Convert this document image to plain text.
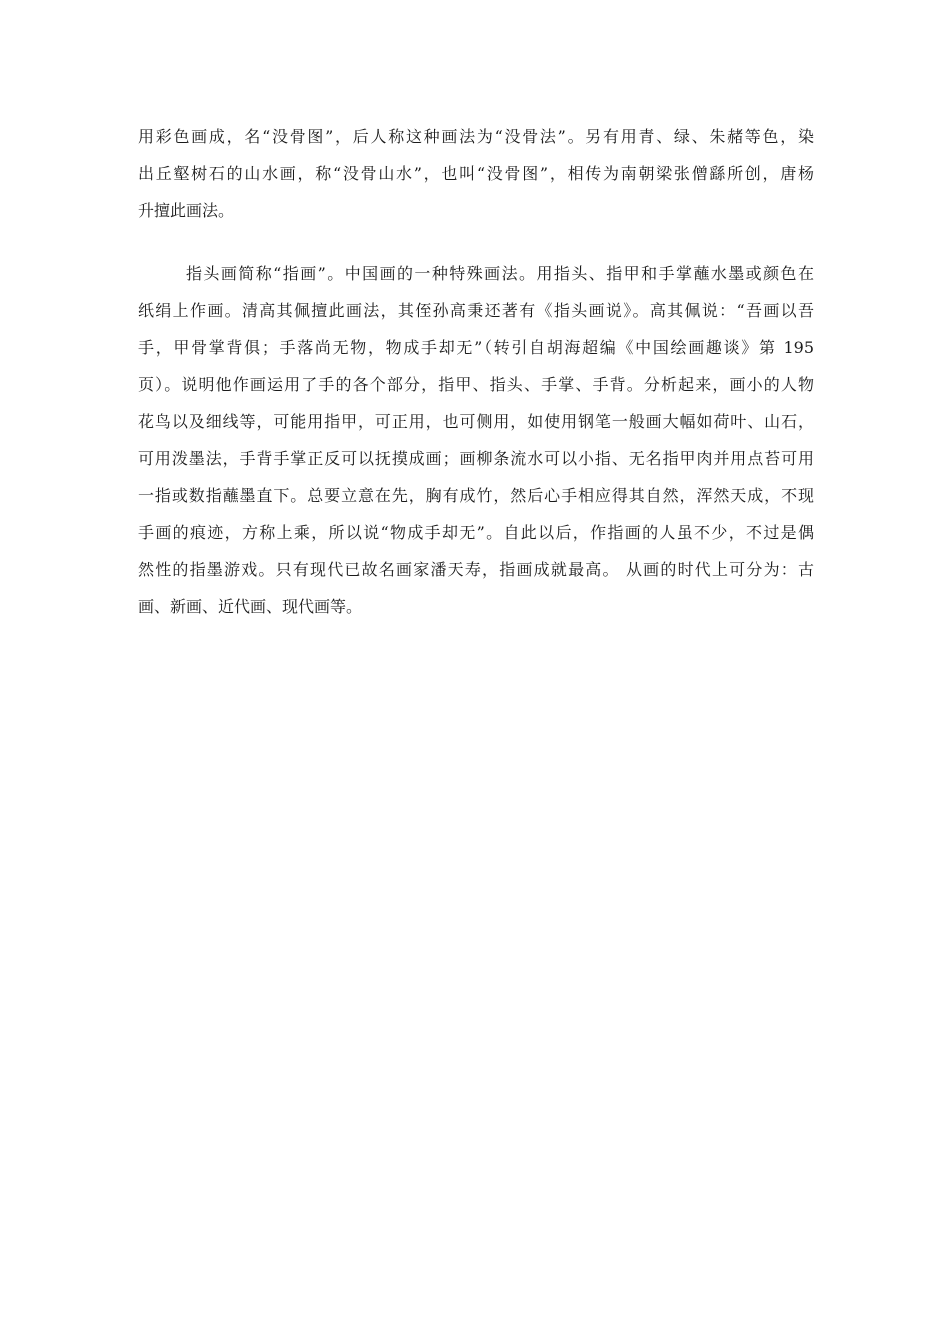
用彩色画成，名“没骨图”，后人称这种画法为“没骨法”。另有用青、绿、朱赭等色，染
出丘壑树石的山水画，称“没骨山水”，也叫“没骨图”，相传为南朝梁张僧繇所创，唐杨
升擅此画法。
指头画简称“指画”。中国画的一种特殊画法。用指头、指甲和手掌蘸水墨或颜色在
纸绢上作画。清高其佩擅此画法，其侄孙高秉还著有《指头画说》。高其佩说：“吾画以吾
手，甲骨掌背俱；手落尚无物，物成手却无”（转引自胡海超编《中国绘画趣谈》第 195
页）。说明他作画运用了手的各个部分，指甲、指头、手掌、手背。分析起来，画小的人物
花鸟以及细线等，可能用指甲，可正用，也可侧用，如使用钢笔一般画大幅如荷叶、山石，
可用泼墨法，手背手掌正反可以抚摸成画；画柳条流水可以小指、无名指甲肉并用点苔可用
一指或数指蘸墨直下。总要立意在先，胸有成竹，然后心手相应得其自然，浑然天成，不现
手画的痕迹，方称上乘，所以说“物成手却无”。自此以后，作指画的人虽不少，不过是偶
然性的指墨游戏。只有现代已故名画家潘天寿，指画成就最高。 从画的时代上可分为：古
画、新画、近代画、现代画等。
